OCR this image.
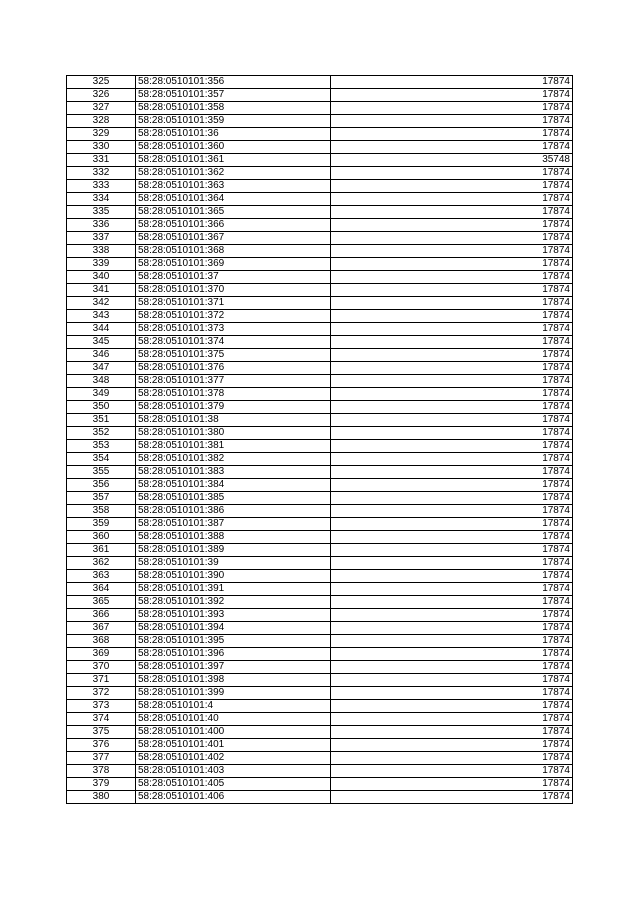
325	58:28:0510101:356	17874
326	58:28:0510101:357	17874
327	58:28:0510101:358	17874
328	58:28:0510101:359	17874
329	58:28:0510101:36	17874
330	58:28:0510101:360	17874
331	58:28:0510101:361	35748
332	58:28:0510101:362	17874
333	58:28:0510101:363	17874
334	58:28:0510101:364	17874
335	58:28:0510101:365	17874
336	58:28:0510101:366	17874
337	58:28:0510101:367	17874
338	58:28:0510101:368	17874
339	58:28:0510101:369	17874
340	58:28:0510101:37	17874
341	58:28:0510101:370	17874
342	58:28:0510101:371	17874
343	58:28:0510101:372	17874
344	58:28:0510101:373	17874
345	58:28:0510101:374	17874
346	58:28:0510101:375	17874
347	58:28:0510101:376	17874
348	58:28:0510101:377	17874
349	58:28:0510101:378	17874
350	58:28:0510101:379	17874
351	58:28:0510101:38	17874
352	58:28:0510101:380	17874
353	58:28:0510101:381	17874
354	58:28:0510101:382	17874
355	58:28:0510101:383	17874
356	58:28:0510101:384	17874
357	58:28:0510101:385	17874
358	58:28:0510101:386	17874
359	58:28:0510101:387	17874
360	58:28:0510101:388	17874
361	58:28:0510101:389	17874
362	58:28:0510101:39	17874
363	58:28:0510101:390	17874
364	58:28:0510101:391	17874
365	58:28:0510101:392	17874
366	58:28:0510101:393	17874
367	58:28:0510101:394	17874
368	58:28:0510101:395	17874
369	58:28:0510101:396	17874
370	58:28:0510101:397	17874
371	58:28:0510101:398	17874
372	58:28:0510101:399	17874
373	58:28:0510101:4	17874
374	58:28:0510101:40	17874
375	58:28:0510101:400	17874
376	58:28:0510101:401	17874
377	58:28:0510101:402	17874
378	58:28:0510101:403	17874
379	58:28:0510101:405	17874
380	58:28:0510101:406	17874
